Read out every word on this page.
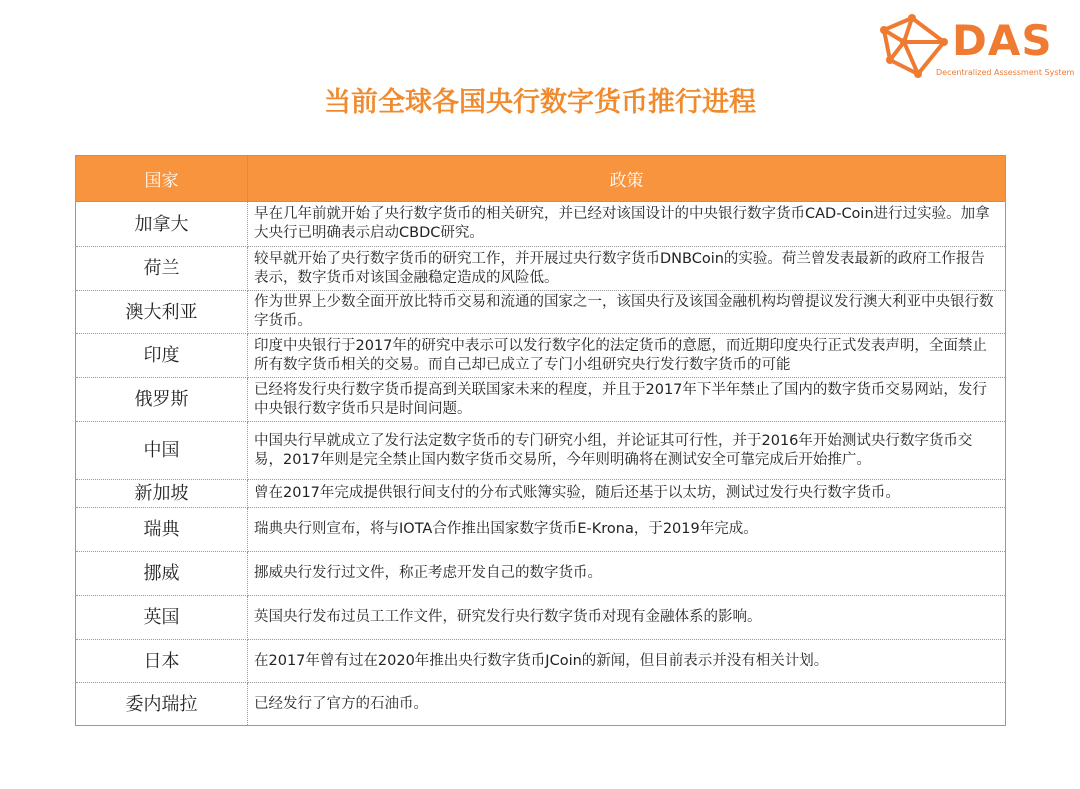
DAS
Decentralized Assessment System
当前全球各国央行数字货币推行进程
国家	政策
加拿大	早在几年前就开始了央行数字货币的相关研究，并已经对该国设计的中央银行数字货币CAD-Coin进行过实验。加拿大央行已明确表示启动CBDC研究。
荷兰	较早就开始了央行数字货币的研究工作，并开展过央行数字货币DNBCoin的实验。荷兰曾发表最新的政府工作报告表示，数字货币对该国金融稳定造成的风险低。
澳大利亚	作为世界上少数全面开放比特币交易和流通的国家之一，该国央行及该国金融机构均曾提议发行澳大利亚中央银行数字货币。
印度	印度中央银行于2017年的研究中表示可以发行数字化的法定货币的意愿，而近期印度央行正式发表声明，全面禁止所有数字货币相关的交易。而自己却已成立了专门小组研究央行发行数字货币的可能
俄罗斯	已经将发行央行数字货币提高到关联国家未来的程度，并且于2017年下半年禁止了国内的数字货币交易网站，发行中央银行数字货币只是时间问题。
中国	中国央行早就成立了发行法定数字货币的专门研究小组，并论证其可行性，并于2016年开始测试央行数字货币交易，2017年则是完全禁止国内数字货币交易所，今年则明确将在测试安全可靠完成后开始推广。
新加坡	曾在2017年完成提供银行间支付的分布式账簿实验，随后还基于以太坊，测试过发行央行数字货币。
瑞典	瑞典央行则宣布，将与IOTA合作推出国家数字货币E-Krona，于2019年完成。
挪威	挪威央行发行过文件，称正考虑开发自己的数字货币。
英国	英国央行发布过员工工作文件，研究发行央行数字货币对现有金融体系的影响。
日本	在2017年曾有过在2020年推出央行数字货币JCoin的新闻，但目前表示并没有相关计划。
委内瑞拉	已经发行了官方的石油币。
